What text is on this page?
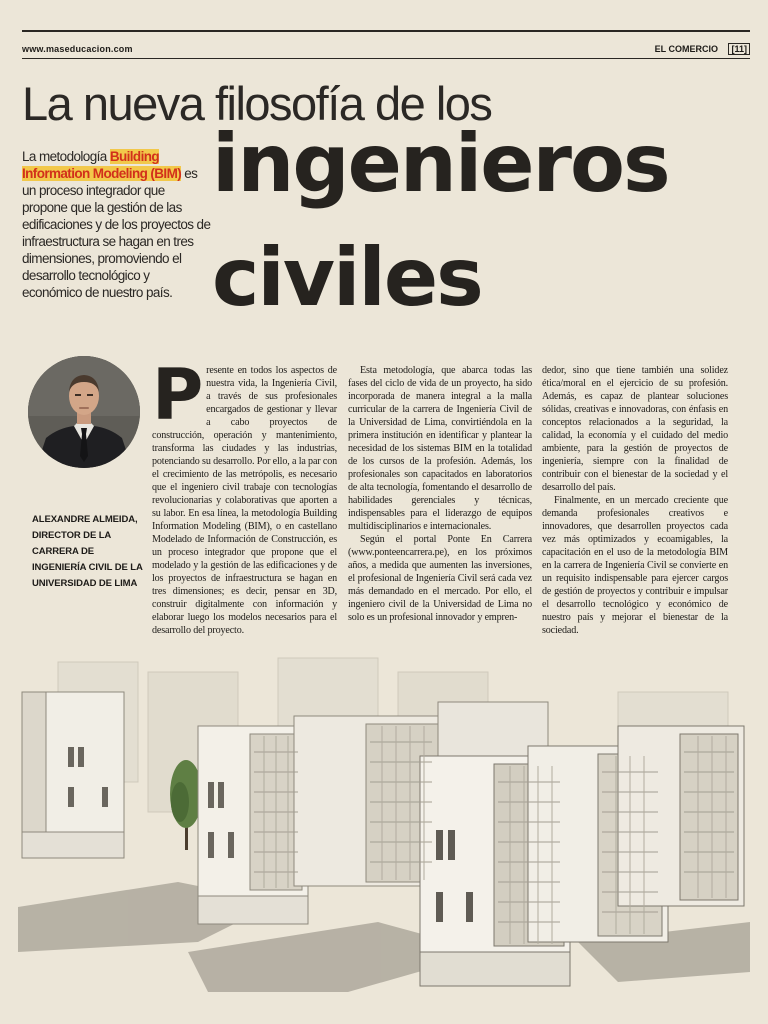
www.maseducacion.com	EL COMERCIO	[11]
La nueva filosofía de los
ingenieros
civiles
La metodología Building Information Modeling (BIM) es un proceso integrador que propone que la gestión de las edificaciones y de los proyectos de infraestructura se hagan en tres dimensiones, promoviendo el desarrollo tecnológico y económico de nuestro país.
ALEXANDRE ALMEIDA, DIRECTOR DE LA CARRERA DE INGENIERÍA CIVIL DE LA UNIVERSIDAD DE LIMA

Presente en todos los aspectos de nuestra vida, la Ingeniería Civil, a través de sus profesionales encargados de gestionar y llevar a cabo proyectos de construcción, operación y mantenimiento, transforma las ciudades y las industrias, potenciando su desarrollo. Por ello, a la par con el crecimiento de las metrópolis, es necesario que el ingeniero civil trabaje con tecnologías revolucionarias y colaborativas que aporten a su labor. En esa línea, la metodología Building Information Modeling (BIM), o en castellano Modelado de Información de Construcción, es un proceso integrador que propone que el modelado y la gestión de las edificaciones y de los proyectos de infraestructura se hagan en tres dimensiones; es decir, pensar en 3D, construir digitalmente con información y elaborar luego los modelos necesarios para el desarrollo del proyecto.

Esta metodología, que abarca todas las fases del ciclo de vida de un proyecto, ha sido incorporada de manera integral a la malla curricular de la carrera de Ingeniería Civil de la Universidad de Lima, convirtiéndola en la primera institución en identificar y plantear la necesidad de los sistemas BIM en la totalidad de los cursos de la profesión. Además, los profesionales son capacitados en laboratorios de alta tecnología, fomentando el desarrollo de habilidades gerenciales y técnicas, indispensables para el liderazgo de equipos multidisciplinarios e internacionales.

Según el portal Ponte En Carrera (www.ponteencarrera.pe), en los próximos años, a medida que aumenten las inversiones, el profesional de Ingeniería Civil será cada vez más demandado en el mercado. Por ello, el ingeniero civil de la Universidad de Lima no solo es un profesional innovador y empren-

dedor, sino que tiene también una solidez ética/moral en el ejercicio de su profesión. Además, es capaz de plantear soluciones sólidas, creativas e innovadoras, con énfasis en conceptos relacionados a la seguridad, la calidad, la economía y el cuidado del medio ambiente, para la gestión de proyectos de ingeniería, siempre con la finalidad de contribuir con el bienestar de la sociedad y el desarrollo del país.

Finalmente, en un mercado creciente que demanda profesionales creativos e innovadores, que desarrollen proyectos cada vez más optimizados y ecoamigables, la capacitación en el uso de la metodología BIM en la carrera de Ingeniería Civil se convierte en un requisito indispensable para ejercer cargos de gestión de proyectos y contribuir e impulsar el desarrollo tecnológico y económico de nuestro país y mejorar el bienestar de la sociedad.
